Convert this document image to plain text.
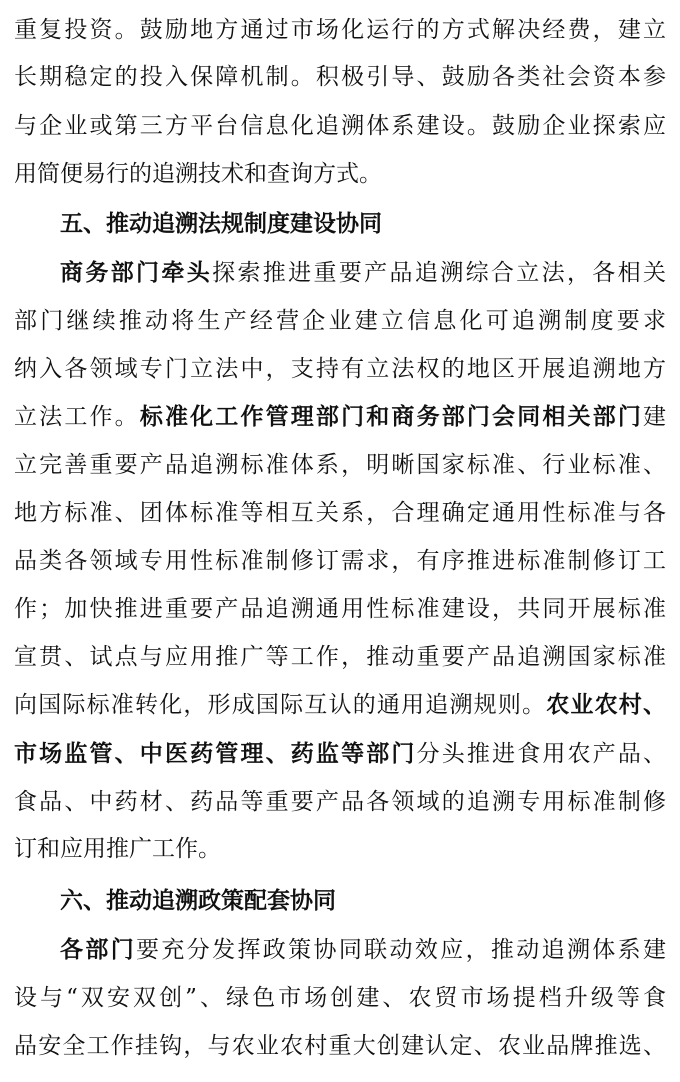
重复投资。鼓励地方通过市场化运行的方式解决经费，建立
长期稳定的投入保障机制。积极引导、鼓励各类社会资本参
与企业或第三方平台信息化追溯体系建设。鼓励企业探索应
用简便易行的追溯技术和查询方式。
五、推动追溯法规制度建设协同
商务部门牵头探索推进重要产品追溯综合立法，各相关
部门继续推动将生产经营企业建立信息化可追溯制度要求
纳入各领域专门立法中，支持有立法权的地区开展追溯地方
立法工作。标准化工作管理部门和商务部门会同相关部门建
立完善重要产品追溯标准体系，明晰国家标准、行业标准、
地方标准、团体标准等相互关系，合理确定通用性标准与各
品类各领域专用性标准制修订需求，有序推进标准制修订工
作；加快推进重要产品追溯通用性标准建设，共同开展标准
宣贯、试点与应用推广等工作，推动重要产品追溯国家标准
向国际标准转化，形成国际互认的通用追溯规则。农业农村、
市场监管、中医药管理、药监等部门分头推进食用农产品、
食品、中药材、药品等重要产品各领域的追溯专用标准制修
订和应用推广工作。
六、推动追溯政策配套协同
各部门要充分发挥政策协同联动效应，推动追溯体系建
设与“双安双创”、绿色市场创建、农贸市场提档升级等食
品安全工作挂钩，与农业农村重大创建认定、农业品牌推选、
